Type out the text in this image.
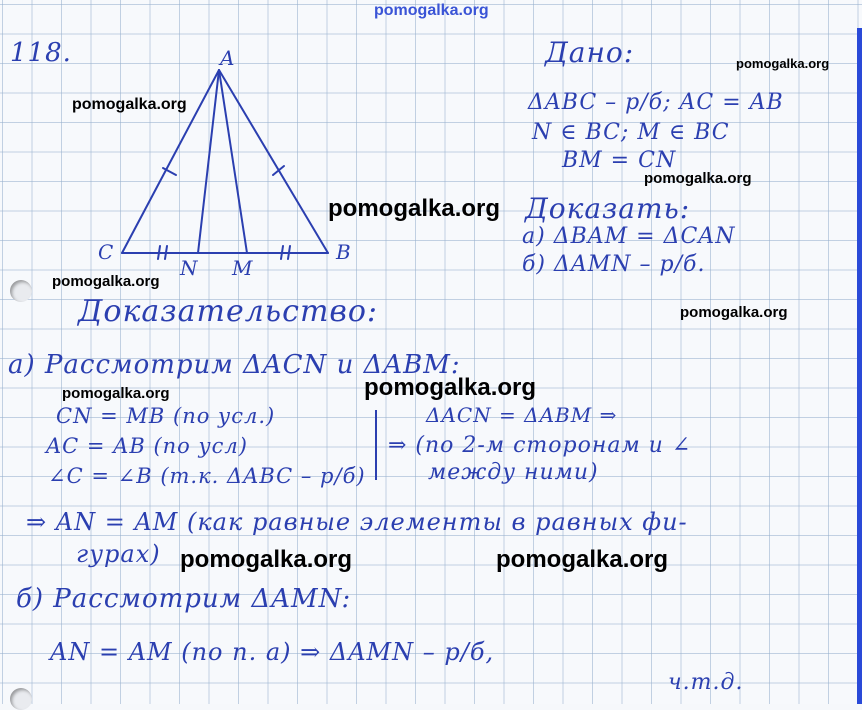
pomogalka.org
118.	A
C	B
N M
Дано:
ΔABC – р/б; AC = AB
N ∈ BC; M ∈ BC
BM = CN
Доказать:
а) ΔBAM = ΔCAN
б) ΔAMN – р/б.
Доказательство:
а) Рассмотрим ΔACN и ΔABM:
CN = MB (по усл.)
AC = AB (по усл)
∠C = ∠B (т.к. ΔABC – р/б)
ΔACN = ΔABM ⇒
⇒ (по 2-м сторонам и ∠
между ними)
⇒ AN = AM (как равные элементы в равных фи-
гурах)
б) Рассмотрим ΔAMN:
AN = AM (по п. а) ⇒ ΔAMN – р/б,
ч.т.д.
pomogalka.org
pomogalka.org
pomogalka.org
pomogalka.org
pomogalka.org
pomogalka.org
pomogalka.org	pomogalka.org
pomogalka.org	pomogalka.org
